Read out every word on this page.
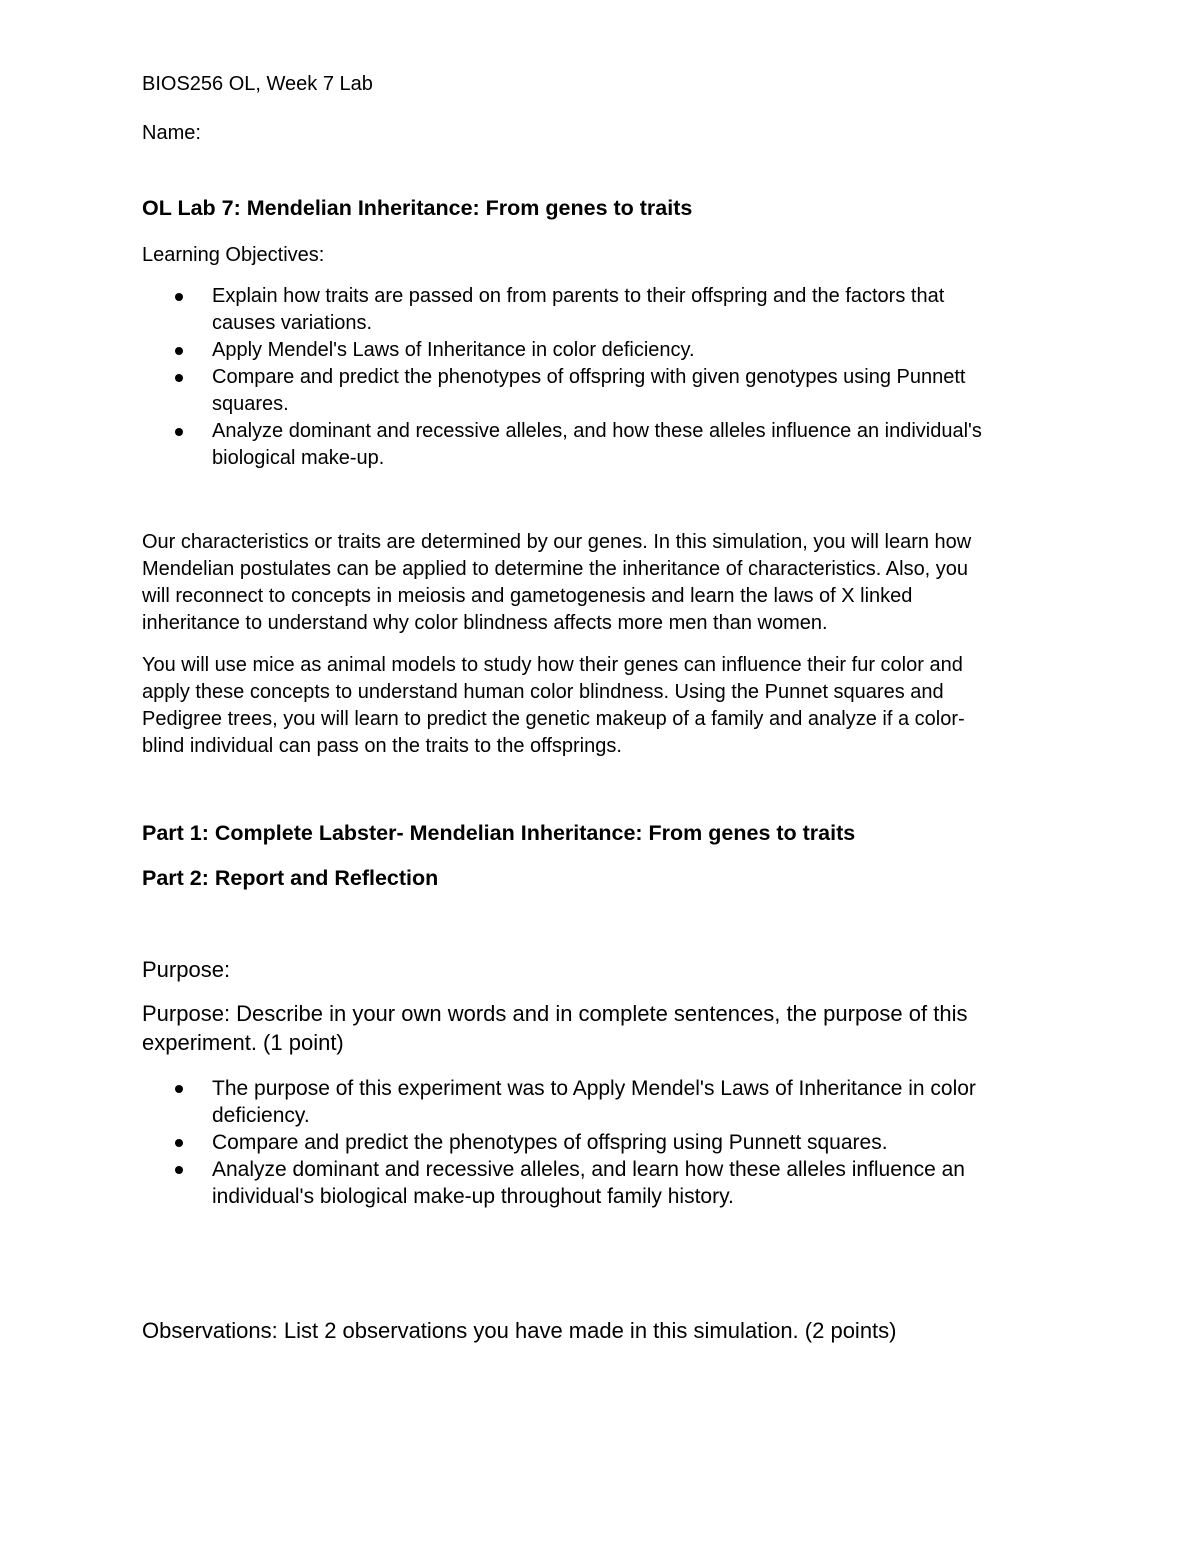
BIOS256 OL, Week 7 Lab

Name:

OL Lab 7: Mendelian Inheritance: From genes to traits

Learning Objectives:

Explain how traits are passed on from parents to their offspring and the factors that
causes variations.
Apply Mendel's Laws of Inheritance in color deficiency.
Compare and predict the phenotypes of offspring with given genotypes using Punnett
squares.
Analyze dominant and recessive alleles, and how these alleles influence an individual's
biological make-up.
Our characteristics or traits are determined by our genes. In this simulation, you will learn how
Mendelian postulates can be applied to determine the inheritance of characteristics. Also, you
will reconnect to concepts in meiosis and gametogenesis and learn the laws of X linked
inheritance to understand why color blindness affects more men than women.
You will use mice as animal models to study how their genes can influence their fur color and
apply these concepts to understand human color blindness. Using the Punnet squares and
Pedigree trees, you will learn to predict the genetic makeup of a family and analyze if a color-
blind individual can pass on the traits to the offsprings.

Part 1: Complete Labster- Mendelian Inheritance: From genes to traits

Part 2: Report and Reflection

Purpose:

Purpose: Describe in your own words and in complete sentences, the purpose of this
experiment. (1 point)
The purpose of this experiment was to Apply Mendel's Laws of Inheritance in color
deficiency.
Compare and predict the phenotypes of offspring using Punnett squares.
Analyze dominant and recessive alleles, and learn how these alleles influence an
individual's biological make-up throughout family history.

Observations: List 2 observations you have made in this simulation. (2 points)
